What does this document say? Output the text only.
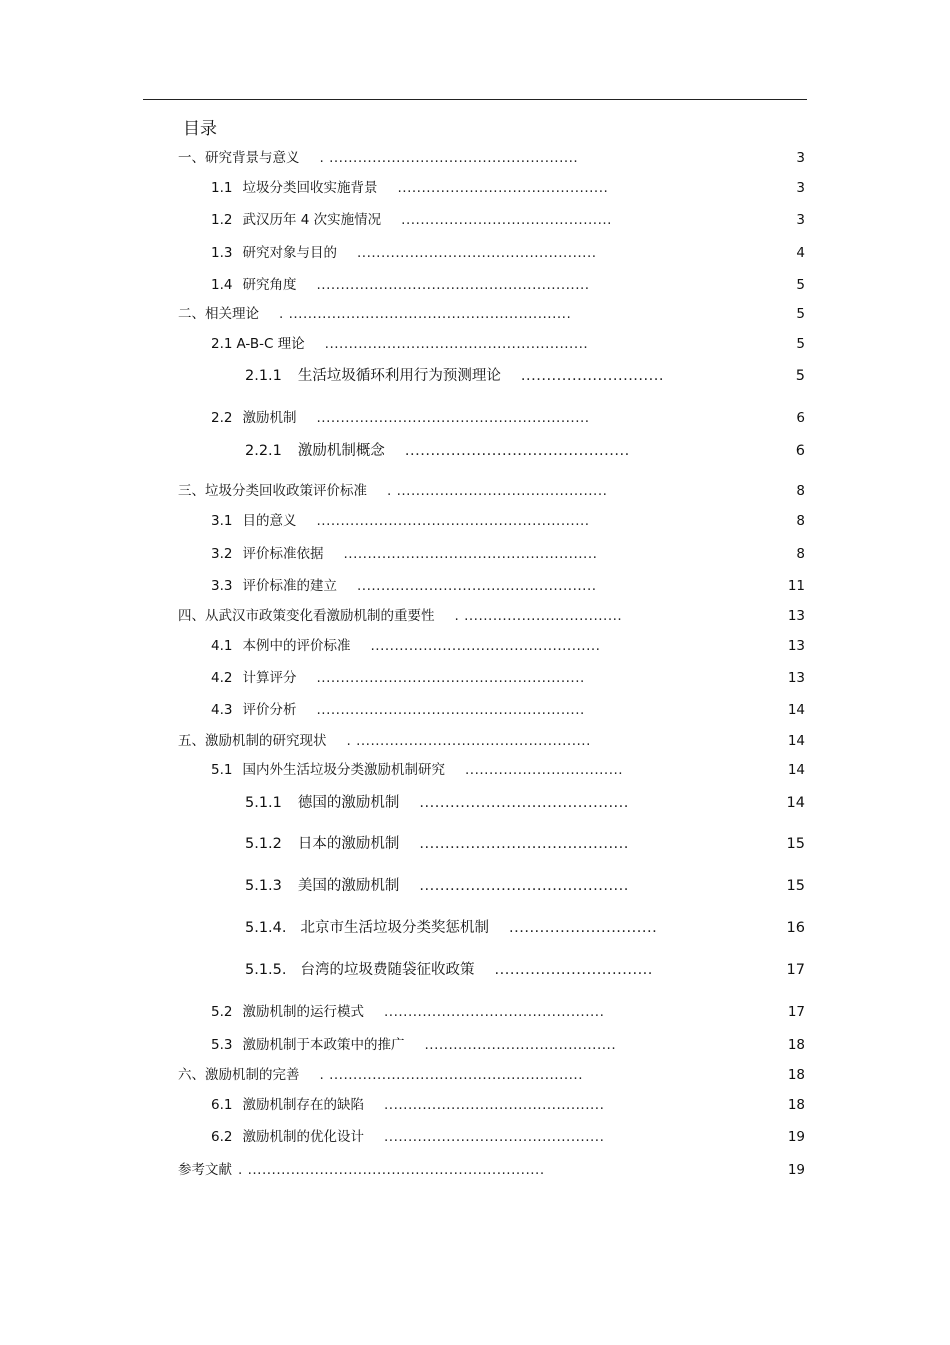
目录
一、研究背景与意义 . ....................................................	3
1.1 垃圾分类回收实施背景 ............................................	3
1.2 武汉历年 4 次实施情况 ............................................	3
1.3 研究对象与目的 ..................................................	4
1.4 研究角度 .........................................................	5
二、相关理论 . ...........................................................	5
2.1 A-B-C 理论 .......................................................	5
2.1.1 生活垃圾循环利用行为预测理论 ............................	5
2.2 激励机制 .........................................................	6
2.2.1 激励机制概念 ............................................	6
三、垃圾分类回收政策评价标准 . ............................................	8
3.1 目的意义 .........................................................	8
3.2 评价标准依据 .....................................................	8
3.3 评价标准的建立 ..................................................	11
四、从武汉市政策变化看激励机制的重要性 . .................................	13
4.1 本例中的评价标准 ................................................	13
4.2 计算评分 ........................................................	13
4.3 评价分析 ........................................................	14
五、激励机制的研究现状 . .................................................	14
5.1 国内外生活垃圾分类激励机制研究 .................................	14
5.1.1 德国的激励机制 .........................................	14
5.1.2 日本的激励机制 .........................................	15
5.1.3 美国的激励机制 .........................................	15
5.1.4. 北京市生活垃圾分类奖惩机制 .............................	16
5.1.5. 台湾的垃圾费随袋征收政策 ...............................	17
5.2 激励机制的运行模式 ..............................................	17
5.3 激励机制于本政策中的推广 ........................................	18
六、激励机制的完善 . .....................................................	18
6.1 激励机制存在的缺陷 ..............................................	18
6.2 激励机制的优化设计 ..............................................	19
参考文献 . ..............................................................	19
